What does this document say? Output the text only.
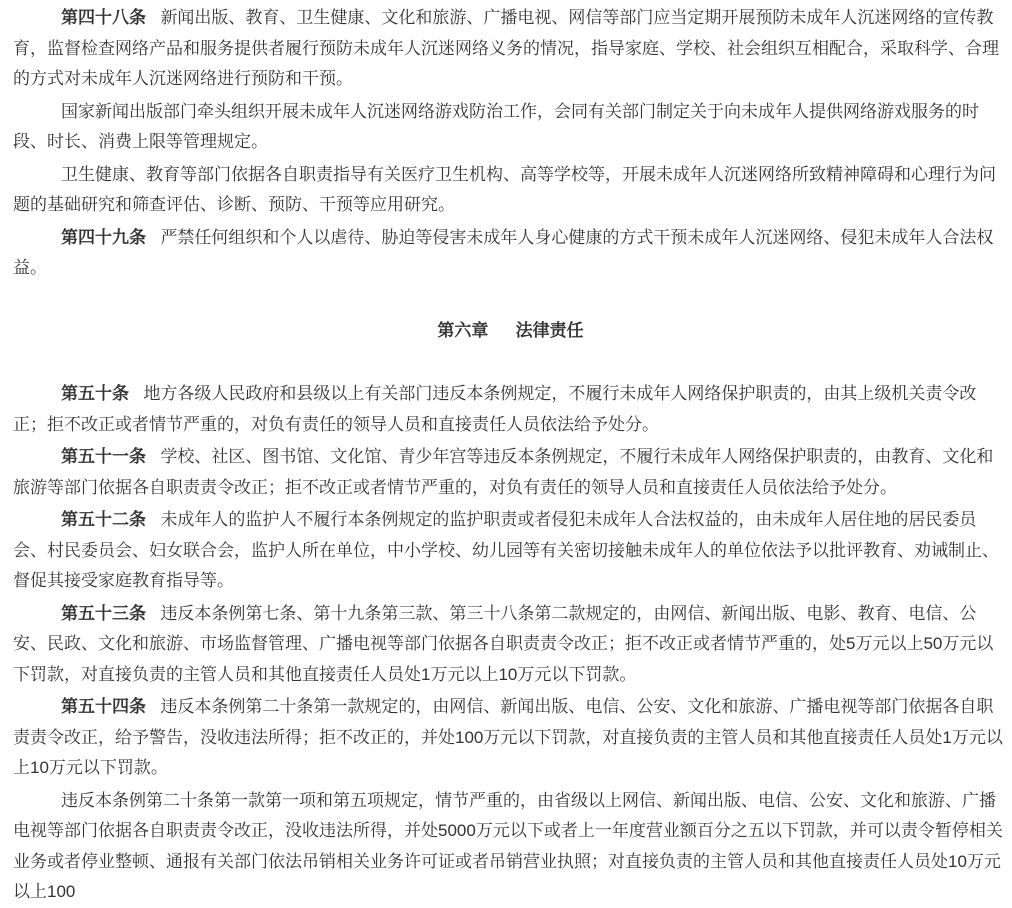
第四十八条 新闻出版、教育、卫生健康、文化和旅游、广播电视、网信等部门应当定期开展预防未成年人沉迷网络的宣传教育，监督检查网络产品和服务提供者履行预防未成年人沉迷网络义务的情况，指导家庭、学校、社会组织互相配合，采取科学、合理的方式对未成年人沉迷网络进行预防和干预。

国家新闻出版部门牵头组织开展未成年人沉迷网络游戏防治工作，会同有关部门制定关于向未成年人提供网络游戏服务的时段、时长、消费上限等管理规定。

卫生健康、教育等部门依据各自职责指导有关医疗卫生机构、高等学校等，开展未成年人沉迷网络所致精神障碍和心理行为问题的基础研究和筛查评估、诊断、预防、干预等应用研究。

第四十九条 严禁任何组织和个人以虐待、胁迫等侵害未成年人身心健康的方式干预未成年人沉迷网络、侵犯未成年人合法权益。

第六章 法律责任

第五十条 地方各级人民政府和县级以上有关部门违反本条例规定，不履行未成年人网络保护职责的，由其上级机关责令改正；拒不改正或者情节严重的，对负有责任的领导人员和直接责任人员依法给予处分。

第五十一条 学校、社区、图书馆、文化馆、青少年宫等违反本条例规定，不履行未成年人网络保护职责的，由教育、文化和旅游等部门依据各自职责责令改正；拒不改正或者情节严重的，对负有责任的领导人员和直接责任人员依法给予处分。

第五十二条 未成年人的监护人不履行本条例规定的监护职责或者侵犯未成年人合法权益的，由未成年人居住地的居民委员会、村民委员会、妇女联合会，监护人所在单位，中小学校、幼儿园等有关密切接触未成年人的单位依法予以批评教育、劝诫制止、督促其接受家庭教育指导等。

第五十三条 违反本条例第七条、第十九条第三款、第三十八条第二款规定的，由网信、新闻出版、电影、教育、电信、公安、民政、文化和旅游、市场监督管理、广播电视等部门依据各自职责责令改正；拒不改正或者情节严重的，处5万元以上50万元以下罚款，对直接负责的主管人员和其他直接责任人员处1万元以上10万元以下罚款。

第五十四条 违反本条例第二十条第一款规定的，由网信、新闻出版、电信、公安、文化和旅游、广播电视等部门依据各自职责责令改正，给予警告，没收违法所得；拒不改正的，并处100万元以下罚款，对直接负责的主管人员和其他直接责任人员处1万元以上10万元以下罚款。

违反本条例第二十条第一款第一项和第五项规定，情节严重的，由省级以上网信、新闻出版、电信、公安、文化和旅游、广播电视等部门依据各自职责责令改正，没收违法所得，并处5000万元以下或者上一年度营业额百分之五以下罚款，并可以责令暂停相关业务或者停业整顿、通报有关部门依法吊销相关业务许可证或者吊销营业执照；对直接负责的主管人员和其他直接责任人员处10万元以上100
